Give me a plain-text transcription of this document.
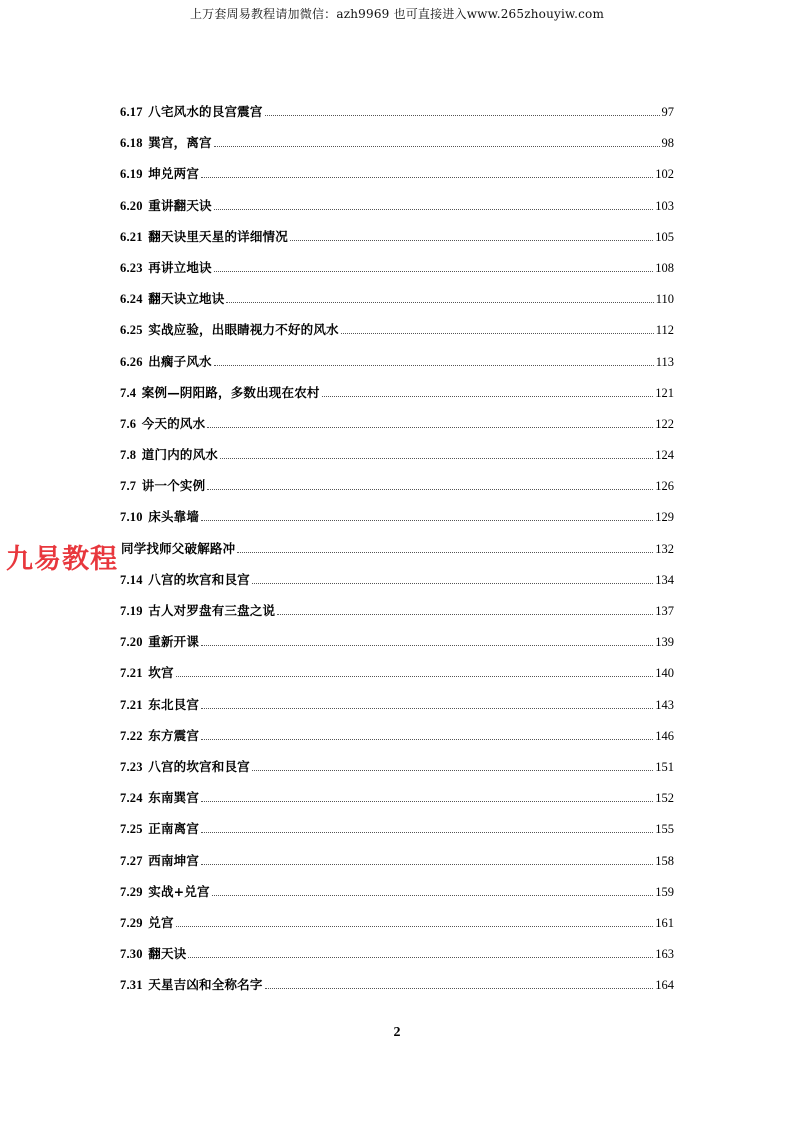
上万套周易教程请加微信：azh9969 也可直接进入www.265zhouyiw.com
九易教程
6.17 八宅风水的艮宫震宫	97
6.18 巽宫，离宫	98
6.19 坤兑两宫	102
6.20 重讲翻天诀	103
6.21 翻天诀里天星的详细情况	105
6.23 再讲立地诀	108
6.24 翻天诀立地诀	110
6.25 实战应验，出眼睛视力不好的风水	112
6.26 出瘸子风水	113
7.4 案例—阴阳路，多数出现在农村	121
7.6 今天的风水	122
7.8 道门内的风水	124
7.7 讲一个实例	126
7.10 床头靠墙	129
同学找师父破解路冲	132
7.14 八宫的坎宫和艮宫	134
7.19 古人对罗盘有三盘之说	137
7.20 重新开课	139
7.21 坎宫	140
7.21 东北艮宫	143
7.22 东方震宫	146
7.23 八宫的坎宫和艮宫	151
7.24 东南巽宫	152
7.25 正南离宫	155
7.27 西南坤宫	158
7.29 实战+兑宫	159
7.29 兑宫	161
7.30 翻天诀	163
7.31 天星吉凶和全称名字	164
2
